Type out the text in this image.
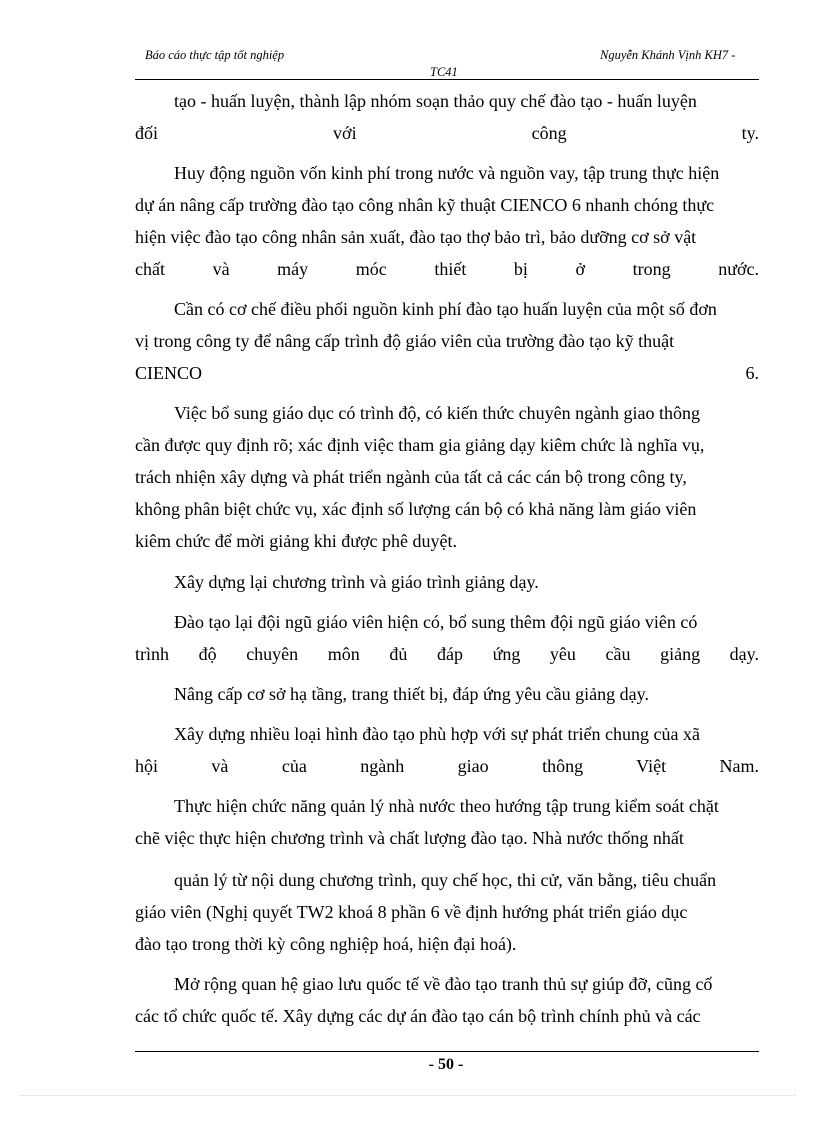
Báo cáo thực tập tốt nghiệp	Nguyễn Khánh Vịnh KH7 -
TC41
tạo - huấn luyện, thành lập nhóm soạn thảo quy chế đào tạo - huấn luyện
đối với công ty.
Huy động nguồn vốn kinh phí trong nước và nguồn vay, tập trung thực hiện
dự án nâng cấp trường đào tạo công nhân kỹ thuật CIENCO 6 nhanh chóng thực
hiện việc đào tạo công nhân sản xuất, đào tạo thợ bảo trì, bảo dưỡng cơ sở vật
chất và máy móc thiết bị ở trong nước.
Cần có cơ chế điều phối nguồn kinh phí đào tạo huấn luyện của một số đơn
vị trong công ty để nâng cấp trình độ giáo viên của trường đào tạo kỹ thuật
CIENCO 6.
Việc bổ sung giáo dục có trình độ, có kiến thức chuyên ngành giao thông
cần được quy định rõ; xác định việc tham gia giảng dạy kiêm chức là nghĩa vụ,
trách nhiện xây dựng và phát triển ngành của tất cả các cán bộ trong công ty,
không phân biệt chức vụ, xác định số lượng cán bộ có khả năng làm giáo viên
kiêm chức để mời giảng khi được phê duyệt.
Xây dựng lại chương trình và giáo trình giảng dạy.
Đào tạo lại đội ngũ giáo viên hiện có, bổ sung thêm đội ngũ giáo viên có
trình độ chuyên môn đủ đáp ứng yêu cầu giảng dạy.
Nâng cấp cơ sở hạ tầng, trang thiết bị, đáp ứng yêu cầu giảng dạy.
Xây dựng nhiều loại hình đào tạo phù hợp với sự phát triển chung của xã
hội và của ngành giao thông Việt Nam.
Thực hiện chức năng quản lý nhà nước theo hướng tập trung kiểm soát chặt
chẽ việc thực hiện chương trình và chất lượng đào tạo. Nhà nước thống nhất
quản lý từ nội dung chương trình, quy chế học, thi cử, văn bằng, tiêu chuẩn
giáo viên (Nghị quyết TW2 khoá 8 phần 6 về định hướng phát triển giáo dục
đào tạo trong thời kỳ công nghiệp hoá, hiện đại hoá).
Mở rộng quan hệ giao lưu quốc tế về đào tạo tranh thủ sự giúp đỡ, cũng cố
các tổ chức quốc tế. Xây dựng các dự án đào tạo cán bộ trình chính phủ và các
- 50 -
